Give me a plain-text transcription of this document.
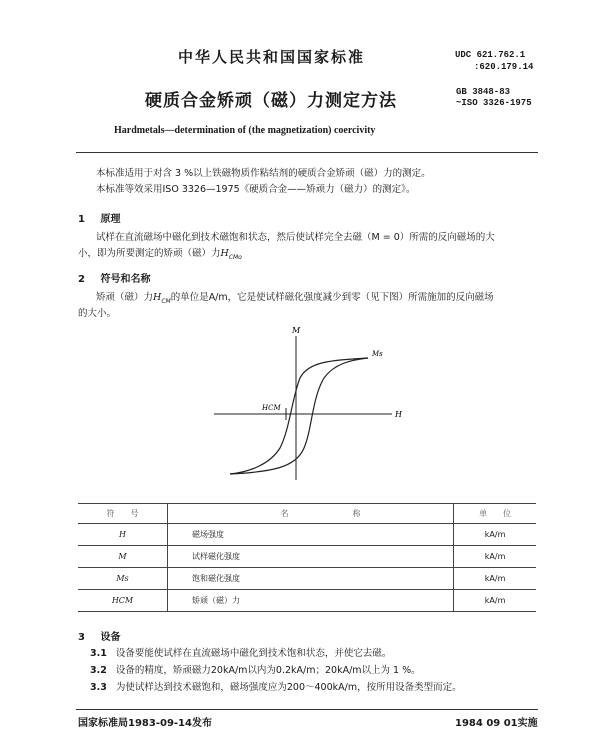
中华人民共和国国家标准	UDC 621.762.1
:620.179.14
GB 3848-83
~ISO 3326-1975
硬质合金矫顽（磁）力测定方法
Hardmetals—determination of (the magnetization) coercivity
本标准适用于对含 3 %以上铁磁物质作粘结剂的硬质合金矫顽（磁）力的测定。
本标准等效采用ISO 3326—1975《硬质合金——矫顽力（磁力）的测定》。
1 原理
试样在直流磁场中磁化到技术磁饱和状态，然后使试样完全去磁（M = 0）所需的反向磁场的大
小，即为所要测定的矫顽（磁）力$H_{CMo}$
2 符号和名称
矫顽（磁）力$H_{CM}$的单位是A/m，它是使试样磁化强度减少到零（见下图）所需施加的反向磁场
的大小。
M
H
Ms
HCM
符　　号	名　　　　　　　　称	单　　位
H	磁场强度	kA/m
M	试样磁化强度	kA/m
Ms	饱和磁化强度	kA/m
HCM	矫顽（磁）力	kA/m
3 设备
3.1 设备要能使试样在直流磁场中磁化到技术饱和状态，并使它去磁。
3.2 设备的精度，矫顽磁力20kA/m以内为0.2kA/m；20kA/m以上为 1 %。
3.3 为使试样达到技术磁饱和，磁场强度应为200～400kA/m，按所用设备类型而定。
国家标准局1983-09-14发布	1984 09 01实施
